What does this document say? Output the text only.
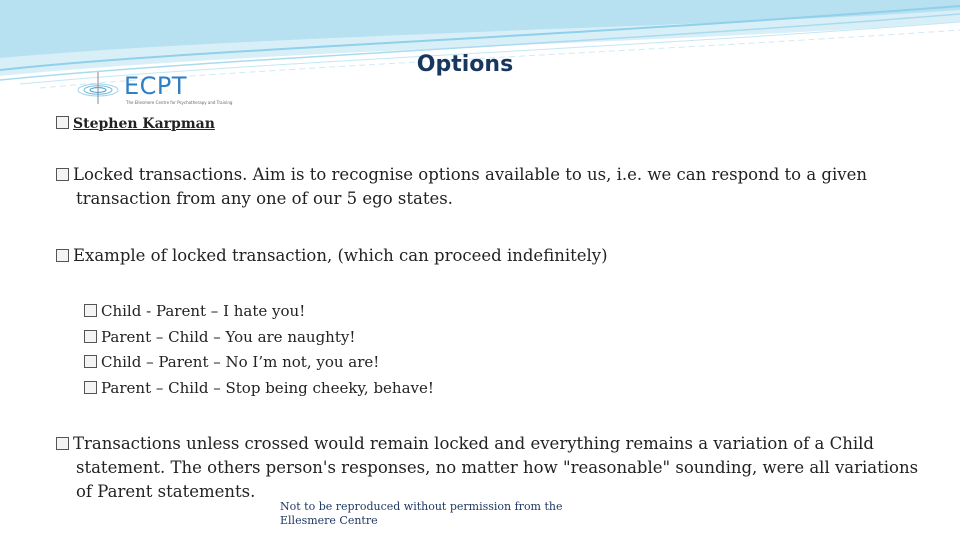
ECPT
The Ellesmere Centre for Psychotherapy and Training
Options
Stephen Karpman
Locked transactions. Aim is to recognise options available to us, i.e. we can respond to a given transaction from any one of our 5 ego states.
Example of locked transaction, (which can proceed indefinitely)
Child - Parent – I hate you!
Parent – Child – You are naughty!
Child – Parent – No I’m not, you are!
Parent – Child – Stop being cheeky, behave!
Transactions unless crossed would remain locked and everything remains a variation of a Child statement. The others person's responses, no matter how "reasonable" sounding, were all variations of Parent statements.
Not to be reproduced without permission from the Ellesmere Centre
